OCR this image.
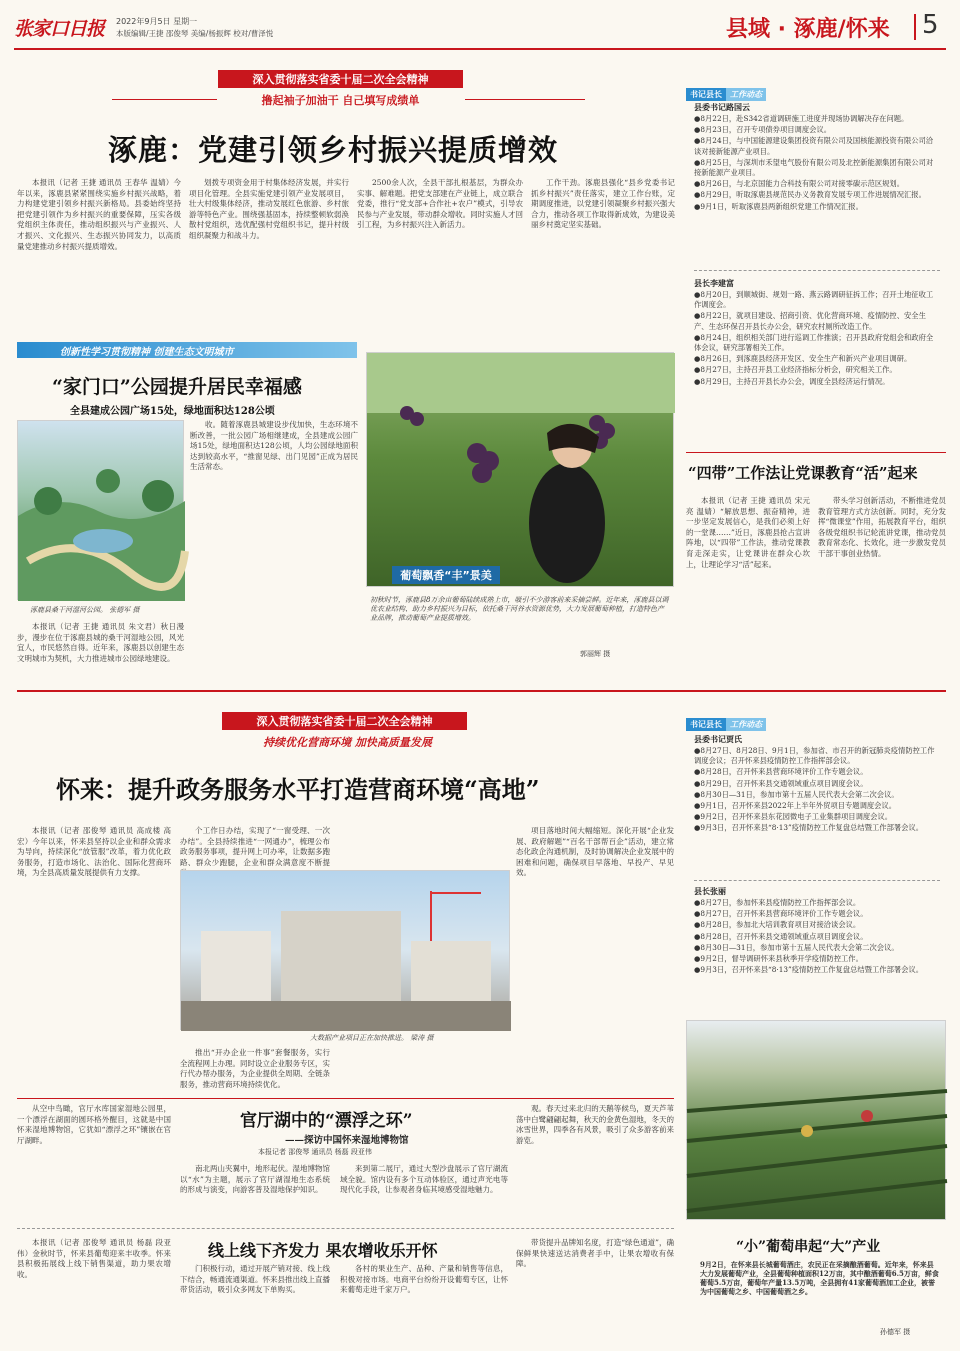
张家口日报 2022年9月5日 星期一
本版编辑/王捷 邵俊琴 美编/杨振辉 校对/曹泽悦	县域 · 涿鹿/怀来 5
深入贯彻落实省委十届二次全会精神
撸起袖子加油干 自己填写成绩单
涿鹿：党建引领乡村振兴提质增效

本报讯（记者 王捷 通讯员 王春华 温婧）今年以来，涿鹿县紧紧围绕实施乡村振兴战略，着力构建党建引领乡村振兴新格局。县委始终坚持把党建引领作为乡村振兴的重要保障，压实各级党组织主体责任，推动组织振兴与产业振兴、人才振兴、文化振兴、生态振兴协同发力，以高质量党建推动乡村振兴提质增效。

划拨专项资金用于村集体经济发展，并实行项目化管理。全县实施党建引领产业发展项目，壮大村级集体经济，推动发展红色旅游、乡村旅游等特色产业。围绕强基固本，持续整顿软弱涣散村党组织，选优配强村党组织书记，提升村级组织凝聚力和战斗力。

2500余人次，全县干部扎根基层，为群众办实事、解难题。把党支部建在产业链上，成立联合党委，推行“党支部+合作社+农户”模式，引导农民参与产业发展，带动群众增收。同时实施人才回引工程，为乡村振兴注入新活力。

工作干劲。涿鹿县强化“县乡党委书记抓乡村振兴”责任落实，建立工作台账，定期调度推进，以党建引领凝聚乡村振兴强大合力，推动各项工作取得新成效，为建设美丽乡村奠定坚实基础。

创新性学习贯彻精神 创建生态文明城市
“家门口”公园提升居民幸福感
全县建成公园广场15处，绿地面积达128公顷
涿鹿县桑干河湿河公园。 张德军 摄

本报讯（记者 王捷 通讯员 朱文君）秋日漫步，漫步在位于涿鹿县城的桑干河湿地公园，风光宜人，市民悠然自得。近年来，涿鹿县以创建生态文明城市为契机，大力推进城市公园绿地建设。

收。随着涿鹿县城建设步伐加快，生态环境不断改善，一批公园广场相继建成，全县建成公园广场15处，绿地面积达128公顷，人均公园绿地面积达到较高水平，“推窗见绿、出门见园”正成为居民生活常态。

葡萄飘香“丰”景美
初秋时节，涿鹿县8万余亩葡萄陆续成熟上市，吸引不少游客前来采摘尝鲜。近年来，涿鹿县以调优农业结构、助力乡村振兴为目标，依托桑干河谷水资源优势，大力发展葡萄种植，打造特色产业品牌，推动葡萄产业提质增效。
郭丽辉 摄
书记县长 工作动态
县委书记路国云
●8月22日，赴S342省道调研施工进度并现场协调解决存在问题。
●8月23日，召开专项债券项目调度会议。
●8月24日，与中国能源建设集团投资有限公司及国核能源投资有限公司洽谈对接新能源产业项目。
●8月25日，与深圳市禾望电气股份有限公司及北控新能源集团有限公司对接新能源产业项目。
●8月26日，与北京国能力合科技有限公司对接零碳示范区规划。
●8月29日，听取涿鹿县规范民办义务教育发展专项工作进展情况汇报。
●9月1日，听取涿鹿县两新组织党建工作情况汇报。
县长李建富
●8月20日，到顺城街、规划一路、燕云路调研征拆工作；召开土地征收工作调度会。
●8月22日，就项目建设、招商引资、优化营商环境、疫情防控、安全生产、生态环保召开县长办公会，研究农村厕所改造工作。
●8月24日，组织相关部门进行巡调工作推演；召开县政府党组会和政府全体会议，研究部署相关工作。
●8月26日，到涿鹿县经济开发区、安全生产和新兴产业项目调研。
●8月27日，主持召开县工业经济指标分析会，研究相关工作。
●8月29日，主持召开县长办公会，调度全县经济运行情况。
“四带”工作法让党课教育“活”起来

本报讯（记者 王捷 通讯员 宋元亮 温婧）“解放思想、振奋精神，进一步坚定发展信心，是我们必须上好的一堂课……”近日，涿鹿县抢占宣讲阵地，以“四带”工作法，推动党课教育走深走实，让党课讲在群众心坎上，让理论学习“活”起来。

带头学习创新活动，不断推进党员教育管理方式方法创新。同时，充分发挥“微课堂”作用，拓展教育平台，组织各级党组织书记轮流讲党课，推动党员教育常态化、长效化，进一步激发党员干部干事创业热情。

深入贯彻落实省委十届二次全会精神
持续优化营商环境 加快高质量发展
怀来：提升政务服务水平打造营商环境“高地”

本报讯（记者 邵俊琴 通讯员 高成楼 高宏）今年以来，怀来县坚持以企业和群众需求为导向，持续深化“放管服”改革，着力优化政务服务，打造市场化、法治化、国际化营商环境，为全县高质量发展提供有力支撑。

个工作日办结，实现了“一窗受理、一次办结”。全县持续推进“一网通办”，梳理公布政务服务事项，提升网上可办率，让数据多跑路、群众少跑腿，企业和群众满意度不断提

大数据产业项目正在加快推进。 梁涛 摄

推出“开办企业一件事”套餐服务，实行全流程网上办理。同时设立企业服务专区，实行代办帮办服务，为企业提供全周期、全链条服务，推动营商环境持续优化。

项目落地时间大幅缩短。深化开展“企业发展、政府解题”“百名干部帮百企”活动，建立常态化政企沟通机制，及时协调解决企业发展中的困难和问题，确保项目早落地、早投产、早见效。

书记县长 工作动态
县委书记贾氏
●8月27日、8月28日、9月1日，参加省、市召开的新冠肺炎疫情防控工作调度会议；召开怀来县疫情防控工作指挥部会议。
●8月28日，召开怀来县营商环境评价工作专题会议。
●8月29日，召开怀来县交通领域重点项目调度会议。
●8月30日—31日，参加市第十五届人民代表大会第二次会议。
●9月1日，召开怀来县2022年上半年外贸项目专题调度会议。
●9月2日，召开怀来县东花园微电子工业集群项目调度会议。
●9月3日，召开怀来县“8·13”疫情防控工作复盘总结暨工作部署会议。
县长张丽
●8月27日，参加怀来县疫情防控工作指挥部会议。
●8月27日，召开怀来县营商环境评价工作专题会议。
●8月28日，参加北大培训教育项目对接洽谈会议。
●8月28日，召开怀来县交通领域重点项目调度会议。
●8月30日—31日，参加市第十五届人民代表大会第二次会议。
●9月2日，督导调研怀来县秋季开学疫情防控工作。
●9月3日，召开怀来县“8·13”疫情防控工作复盘总结暨工作部署会议。

从空中鸟瞰，官厅水库国家湿地公园里，一个漂浮在湖面的圆环格外醒目，这就是中国怀来湿地博物馆，它犹如“漂浮之环”镶嵌在官厅湖畔。

官厅湖中的“漂浮之环”
——探访中国怀来湿地博物馆
本报记者 邵俊琴 通讯员 杨磊 段亚伟

南北两山夹翼中，地形起伏。湿地博物馆以“水”为主题，展示了官厅湖湿地生态系统的形成与演变，向游客普及湿地保护知识。

来到第二展厅，通过大型沙盘展示了官厅湖流域全貌。馆内设有多个互动体验区，通过声光电等现代化手段，让参观者身临其境感受湿地魅力。

观。春天过来北归的天鹅等候鸟，夏天芦苇荡中白鹭翩翩起舞，秋天的金黄色湿地，冬天的冰雪世界，四季各有风景，吸引了众多游客前来游览。

本报讯（记者 邵俊琴 通讯员 杨磊 段亚伟）金秋时节，怀来县葡萄迎来丰收季。怀来县积极拓展线上线下销售渠道，助力果农增收。

线上线下齐发力 果农增收乐开怀

门积极行动，通过开展产销对接、线上线下结合，畅通流通渠道。怀来县推出线上直播带货活动，吸引众多网友下单购买。

各村的果业生产、品种、产量和销售等信息，积极对接市场。电商平台纷纷开设葡萄专区，让怀来葡萄走进千家万户。

带货提升品牌知名度，打造“绿色通道”，确保鲜果快速送达消费者手中，让果农增收有保障。

“小”葡萄串起“大”产业
9月2日，在怀来县长城葡萄酒庄，农民正在采摘酿酒葡萄。近年来，怀来县大力发展葡萄产业，全县葡萄种植面积12万亩，其中酿酒葡萄6.5万亩，鲜食葡萄5.5万亩，葡萄年产量13.5万吨，全县拥有41家葡萄酒加工企业，被誉为中国葡萄之乡、中国葡萄酒之乡。
孙德军 摄
